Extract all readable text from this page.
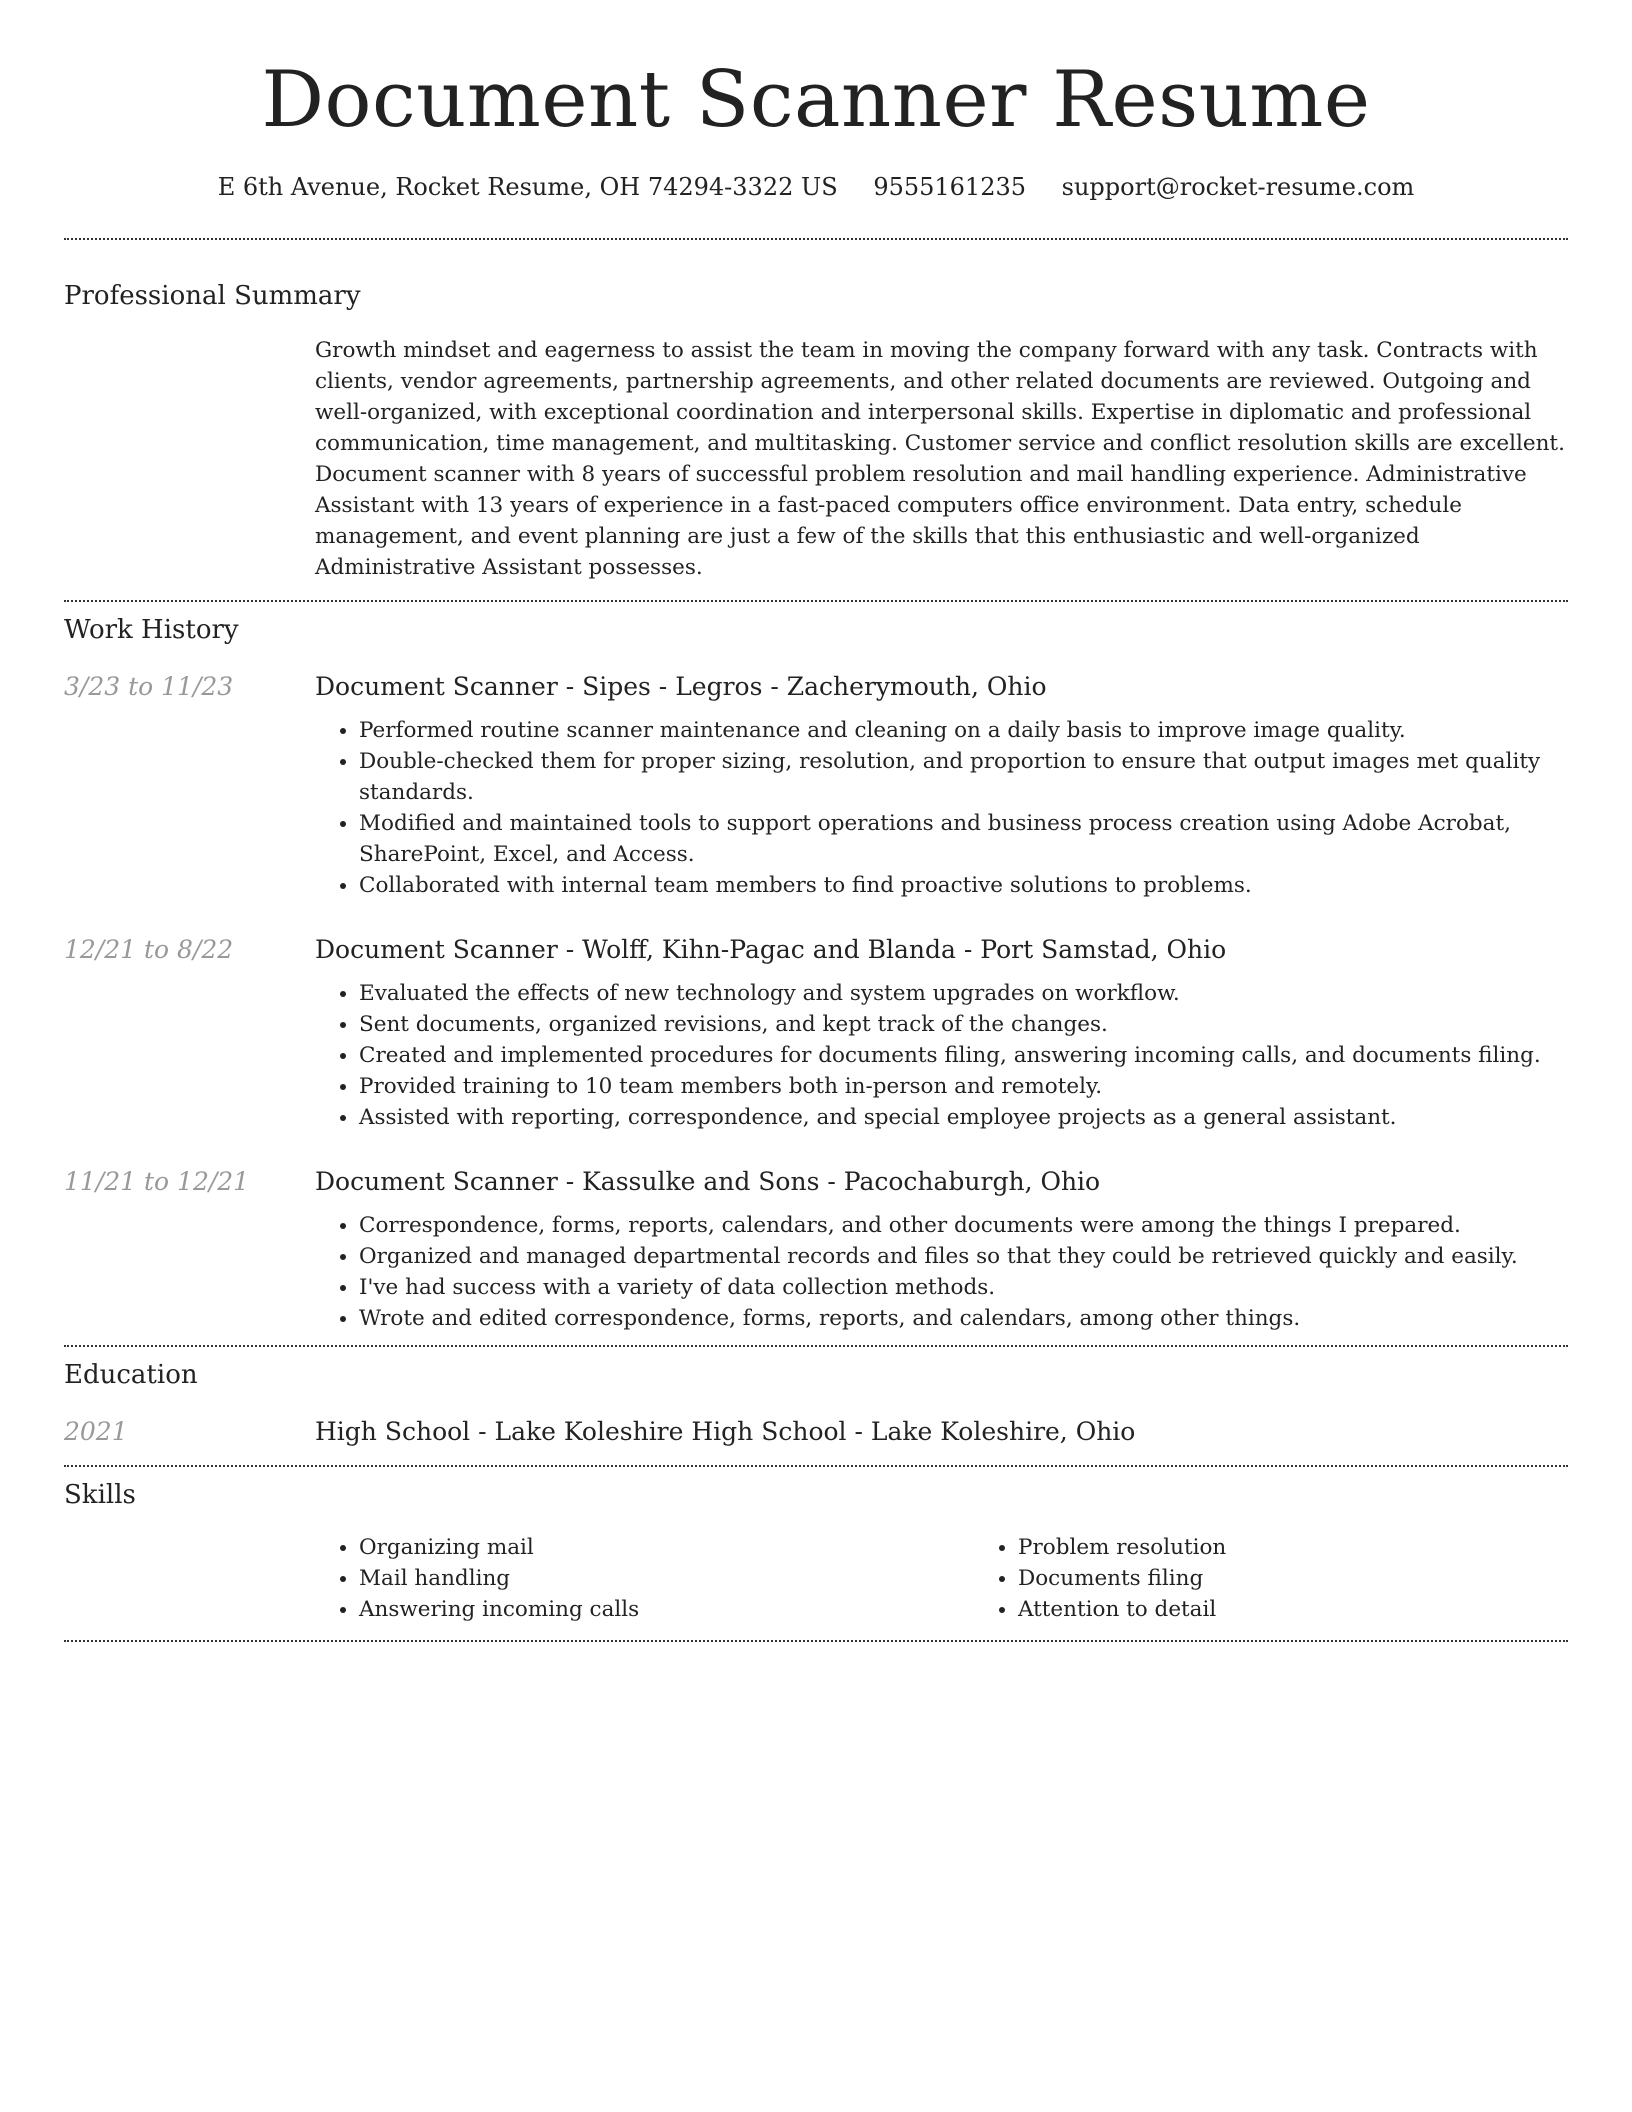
Document Scanner Resume
E 6th Avenue, Rocket Resume, OH 74294-3322 US 9555161235 support@rocket-resume.com
Professional Summary

Growth mindset and eagerness to assist the team in moving the company forward with any task. Contracts with clients, vendor agreements, partnership agreements, and other related documents are reviewed. Outgoing and well-organized, with exceptional coordination and interpersonal skills. Expertise in diplomatic and professional communication, time management, and multitasking. Customer service and conflict resolution skills are excellent. Document scanner with 8 years of successful problem resolution and mail handling experience. Administrative Assistant with 13 years of experience in a fast-paced computers office environment. Data entry, schedule management, and event planning are just a few of the skills that this enthusiastic and well-organized Administrative Assistant possesses.

Work History
3/23 to 11/23	Document Scanner - Sipes - Legros - Zacherymouth, Ohio
• Performed routine scanner maintenance and cleaning on a daily basis to improve image quality.
• Double-checked them for proper sizing, resolution, and proportion to ensure that output images met quality standards.
• Modified and maintained tools to support operations and business process creation using Adobe Acrobat, SharePoint, Excel, and Access.
• Collaborated with internal team members to find proactive solutions to problems.
12/21 to 8/22	Document Scanner - Wolff, Kihn-Pagac and Blanda - Port Samstad, Ohio
• Evaluated the effects of new technology and system upgrades on workflow.
• Sent documents, organized revisions, and kept track of the changes.
• Created and implemented procedures for documents filing, answering incoming calls, and documents filing.
• Provided training to 10 team members both in-person and remotely.
• Assisted with reporting, correspondence, and special employee projects as a general assistant.
11/21 to 12/21	Document Scanner - Kassulke and Sons - Pacochaburgh, Ohio
• Correspondence, forms, reports, calendars, and other documents were among the things I prepared.
• Organized and managed departmental records and files so that they could be retrieved quickly and easily.
• I've had success with a variety of data collection methods.
• Wrote and edited correspondence, forms, reports, and calendars, among other things.
Education
2021	High School - Lake Koleshire High School - Lake Koleshire, Ohio
Skills
• Organizing mail
• Mail handling
• Answering incoming calls
• Problem resolution
• Documents filing
• Attention to detail
